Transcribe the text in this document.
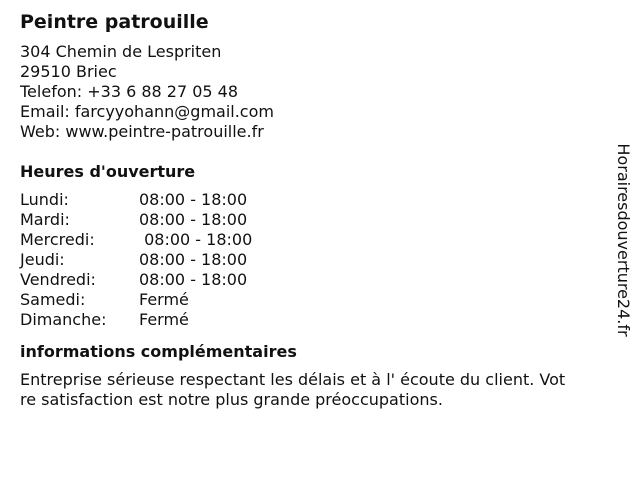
Peintre patrouille
304 Chemin de Lespriten
29510 Briec
Telefon: +33 6 88 27 05 48
Email: farcyyohann@gmail.com
Web: www.peintre-patrouille.fr
Heures d'ouverture
Lundi:	08:00 - 18:00
Mardi:	08:00 - 18:00
Mercredi:	08:00 - 18:00
Jeudi:	08:00 - 18:00
Vendredi:	08:00 - 18:00
Samedi:	Fermé
Dimanche:	Fermé
informations complémentaires
Entreprise sérieuse respectant les délais et à l' écoute du client. Votre satisfaction est notre plus grande préoccupations.
Horairesdouverture24.fr
